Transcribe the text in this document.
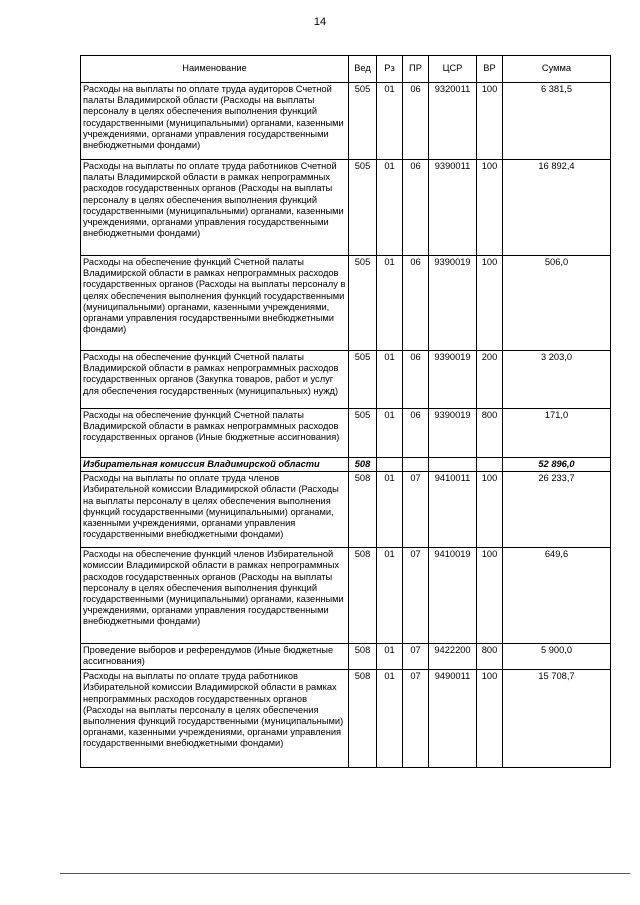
14
Наименование	Вед	Рз	ПР	ЦСР	ВР	Сумма
Расходы на выплаты по оплате труда аудиторов Счетной палаты Владимирской области (Расходы на выплаты персоналу в целях обеспечения выполнения функций государственными (муниципальными) органами, казенными учреждениями, органами управления государственными внебюджетными фондами)	505	01	06	9320011	100	6 381,5
Расходы на выплаты по оплате труда работников Счетной палаты Владимирской области в рамках непрограммных расходов государственных органов (Расходы на выплаты персоналу в целях обеспечения выполнения функций государственными (муниципальными) органами, казенными учреждениями, органами управления государственными внебюджетными фондами)	505	01	06	9390011	100	16 892,4
Расходы на обеспечение функций Счетной палаты Владимирской области в рамках непрограммных расходов государственных органов (Расходы на выплаты персоналу в целях обеспечения выполнения функций государственными (муниципальными) органами, казенными учреждениями, органами управления государственными внебюджетными фондами)	505	01	06	9390019	100	506,0
Расходы на обеспечение функций Счетной палаты Владимирской области в рамках непрограммных расходов государственных органов (Закупка товаров, работ и услуг для обеспечения государственных (муниципальных) нужд)	505	01	06	9390019	200	3 203,0
Расходы на обеспечение функций Счетной палаты Владимирской области в рамках непрограммных расходов государственных органов (Иные бюджетные ассигнования)	505	01	06	9390019	800	171,0
Избирательная комиссия Владимирской области	508					52 896,0
Расходы на выплаты по оплате труда членов Избирательной комиссии Владимирской области (Расходы на выплаты персоналу в целях обеспечения выполнения функций государственными (муниципальными) органами, казенными учреждениями, органами управления государственными внебюджетными фондами)	508	01	07	9410011	100	26 233,7
Расходы на обеспечение функций членов Избирательной комиссии Владимирской области в рамках непрограммных расходов государственных органов (Расходы на выплаты персоналу в целях обеспечения выполнения функций государственными (муниципальными) органами, казенными учреждениями, органами управления государственными внебюджетными фондами)	508	01	07	9410019	100	649,6
Проведение выборов и референдумов (Иные бюджетные ассигнования)	508	01	07	9422200	800	5 900,0
Расходы на выплаты по оплате труда работников Избирательной комиссии Владимирской области в рамках непрограммных расходов государственных органов (Расходы на выплаты персоналу в целях обеспечения выполнения функций государственными (муниципальными) органами, казенными учреждениями, органами управления государственными внебюджетными фондами)	508	01	07	9490011	100	15 708,7
